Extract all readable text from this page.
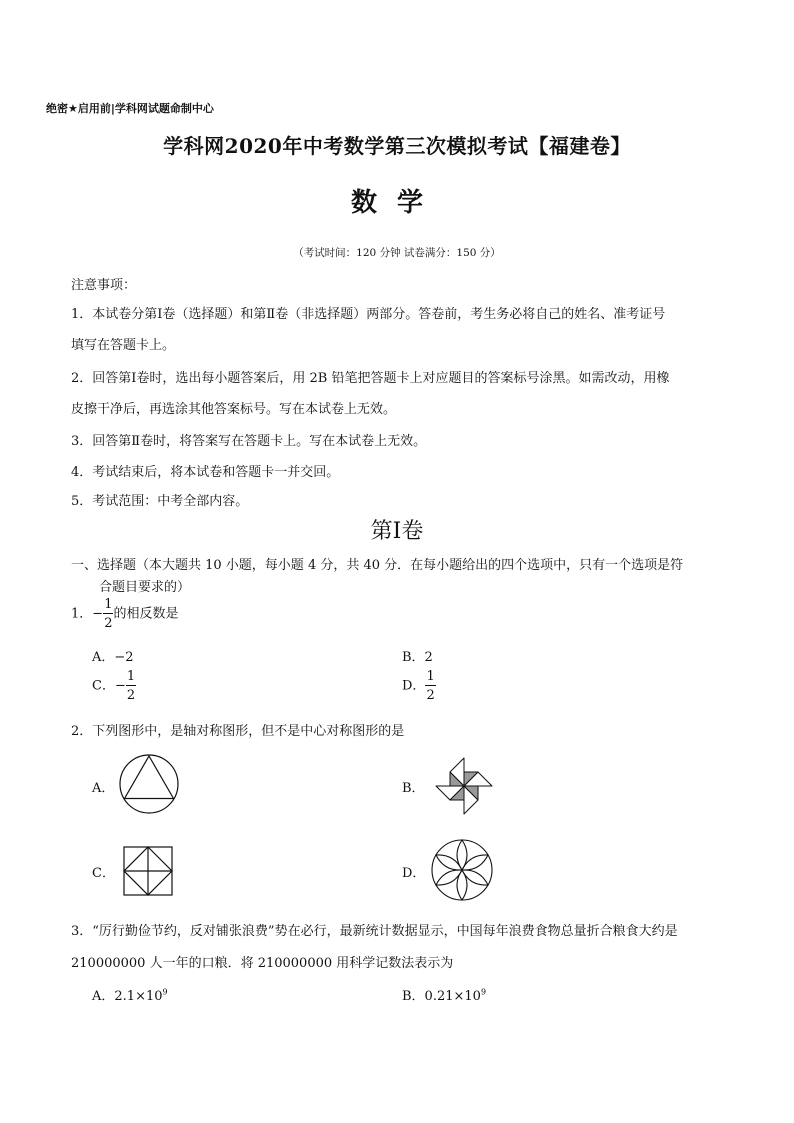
绝密★启用前|学科网试题命制中心
学科网2020年中考数学第三次模拟考试【福建卷】
数学
（考试时间：120 分钟 试卷满分：150 分）
注意事项：
1．本试卷分第Ⅰ卷（选择题）和第Ⅱ卷（非选择题）两部分。答卷前，考生务必将自己的姓名、准考证号
填写在答题卡上。
2．回答第Ⅰ卷时，选出每小题答案后，用 2B 铅笔把答题卡上对应题目的答案标号涂黑。如需改动，用橡
皮擦干净后，再选涂其他答案标号。写在本试卷上无效。
3．回答第Ⅱ卷时，将答案写在答题卡上。写在本试卷上无效。
4．考试结束后，将本试卷和答题卡一并交回。
5．考试范围：中考全部内容。
第Ⅰ卷
一、选择题（本大题共 10 小题，每小题 4 分，共 40 分．在每小题给出的四个选项中，只有一个选项是符
合题目要求的）
1．− $\frac{1}{2}$ 的相反数是
A．−2	B．2
C．− $\frac{1}{2}$	D． $\frac{1}{2}$
2．下列图形中，是轴对称图形，但不是中心对称图形的是
A．	B．
C．	D．
3．“厉行勤俭节约，反对铺张浪费”势在必行，最新统计数据显示，中国每年浪费食物总量折合粮食大约是
210000000 人一年的口粮．将 210000000 用科学记数法表示为
A．$2.1\times 10^9$	B．$0.21\times 10^9$
